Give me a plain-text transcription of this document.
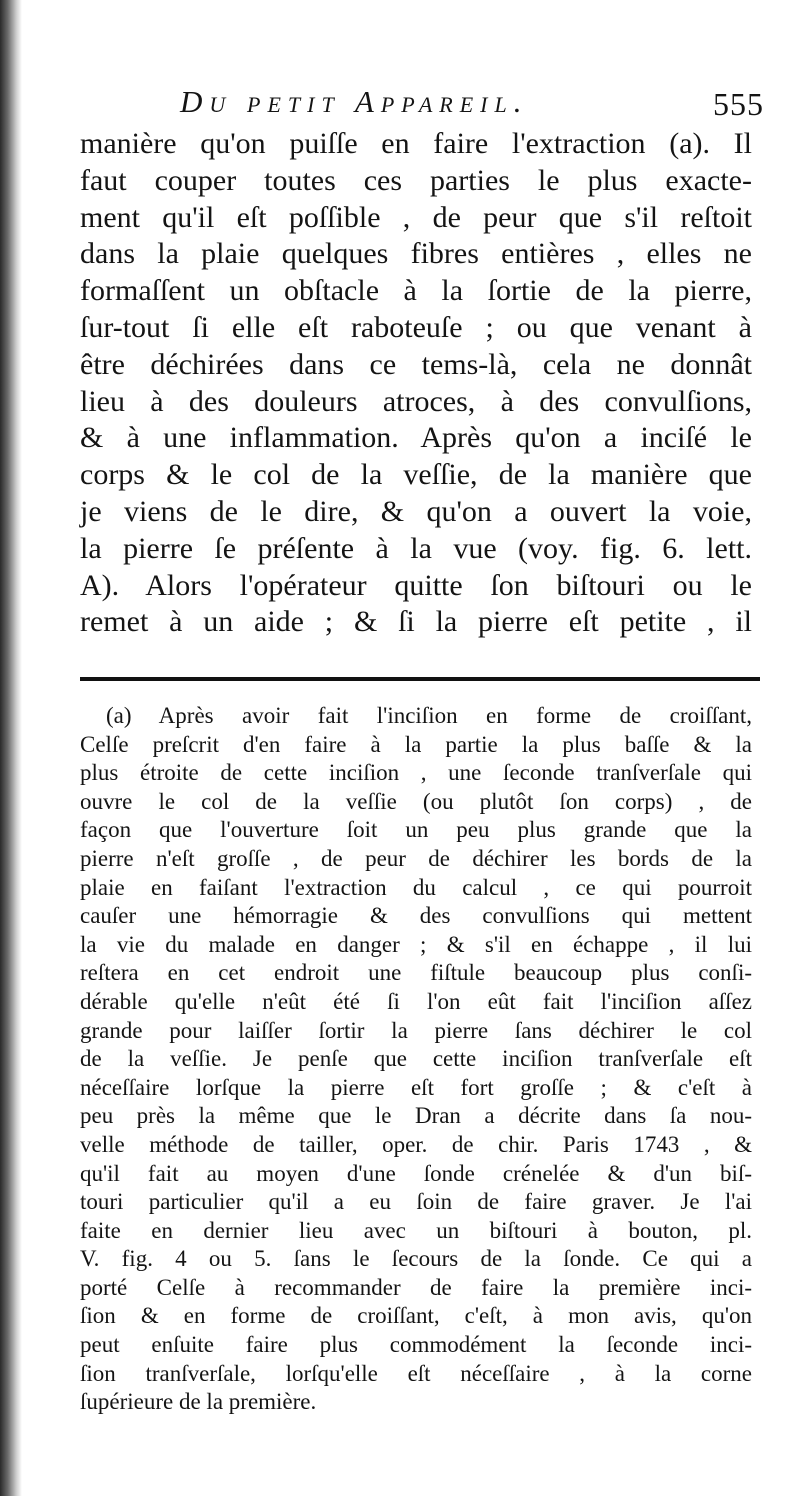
Du petit Appareil.	555
manière qu'on puiſſe en faire l'extraction (a). Il
faut couper toutes ces parties le plus exacte-
ment qu'il eſt poſſible , de peur que s'il reſtoit
dans la plaie quelques fibres entières , elles ne
formaſſent un obſtacle à la ſortie de la pierre,
ſur-tout ſi elle eſt raboteuſe ; ou que venant à
être déchirées dans ce tems-là, cela ne donnât
lieu à des douleurs atroces, à des convulſions,
& à une inflammation. Après qu'on a inciſé le
corps & le col de la veſſie, de la manière que
je viens de le dire, & qu'on a ouvert la voie,
la pierre ſe préſente à la vue (voy. fig. 6. lett.
A). Alors l'opérateur quitte ſon biſtouri ou le
remet à un aide ; & ſi la pierre eſt petite , il
(a) Après avoir fait l'inciſion en forme de croiſſant,
Celſe preſcrit d'en faire à la partie la plus baſſe & la
plus étroite de cette inciſion , une ſeconde tranſverſale qui
ouvre le col de la veſſie (ou plutôt ſon corps) , de
façon que l'ouverture ſoit un peu plus grande que la
pierre n'eſt groſſe , de peur de déchirer les bords de la
plaie en faiſant l'extraction du calcul , ce qui pourroit
cauſer une hémorragie & des convulſions qui mettent
la vie du malade en danger ; & s'il en échappe , il lui
reſtera en cet endroit une fiſtule beaucoup plus conſi-
dérable qu'elle n'eût été ſi l'on eût fait l'inciſion aſſez
grande pour laiſſer ſortir la pierre ſans déchirer le col
de la veſſie. Je penſe que cette inciſion tranſverſale eſt
néceſſaire lorſque la pierre eſt fort groſſe ; & c'eſt à
peu près la même que le Dran a décrite dans ſa nou-
velle méthode de tailler, oper. de chir. Paris 1743 , &
qu'il fait au moyen d'une ſonde crénelée & d'un biſ-
touri particulier qu'il a eu ſoin de faire graver. Je l'ai
faite en dernier lieu avec un biſtouri à bouton, pl.
V. fig. 4 ou 5. ſans le ſecours de la ſonde. Ce qui a
porté Celſe à recommander de faire la première inci-
ſion & en forme de croiſſant, c'eſt, à mon avis, qu'on
peut enſuite faire plus commodément la ſeconde inci-
ſion tranſverſale, lorſqu'elle eſt néceſſaire , à la corne
ſupérieure de la première.
